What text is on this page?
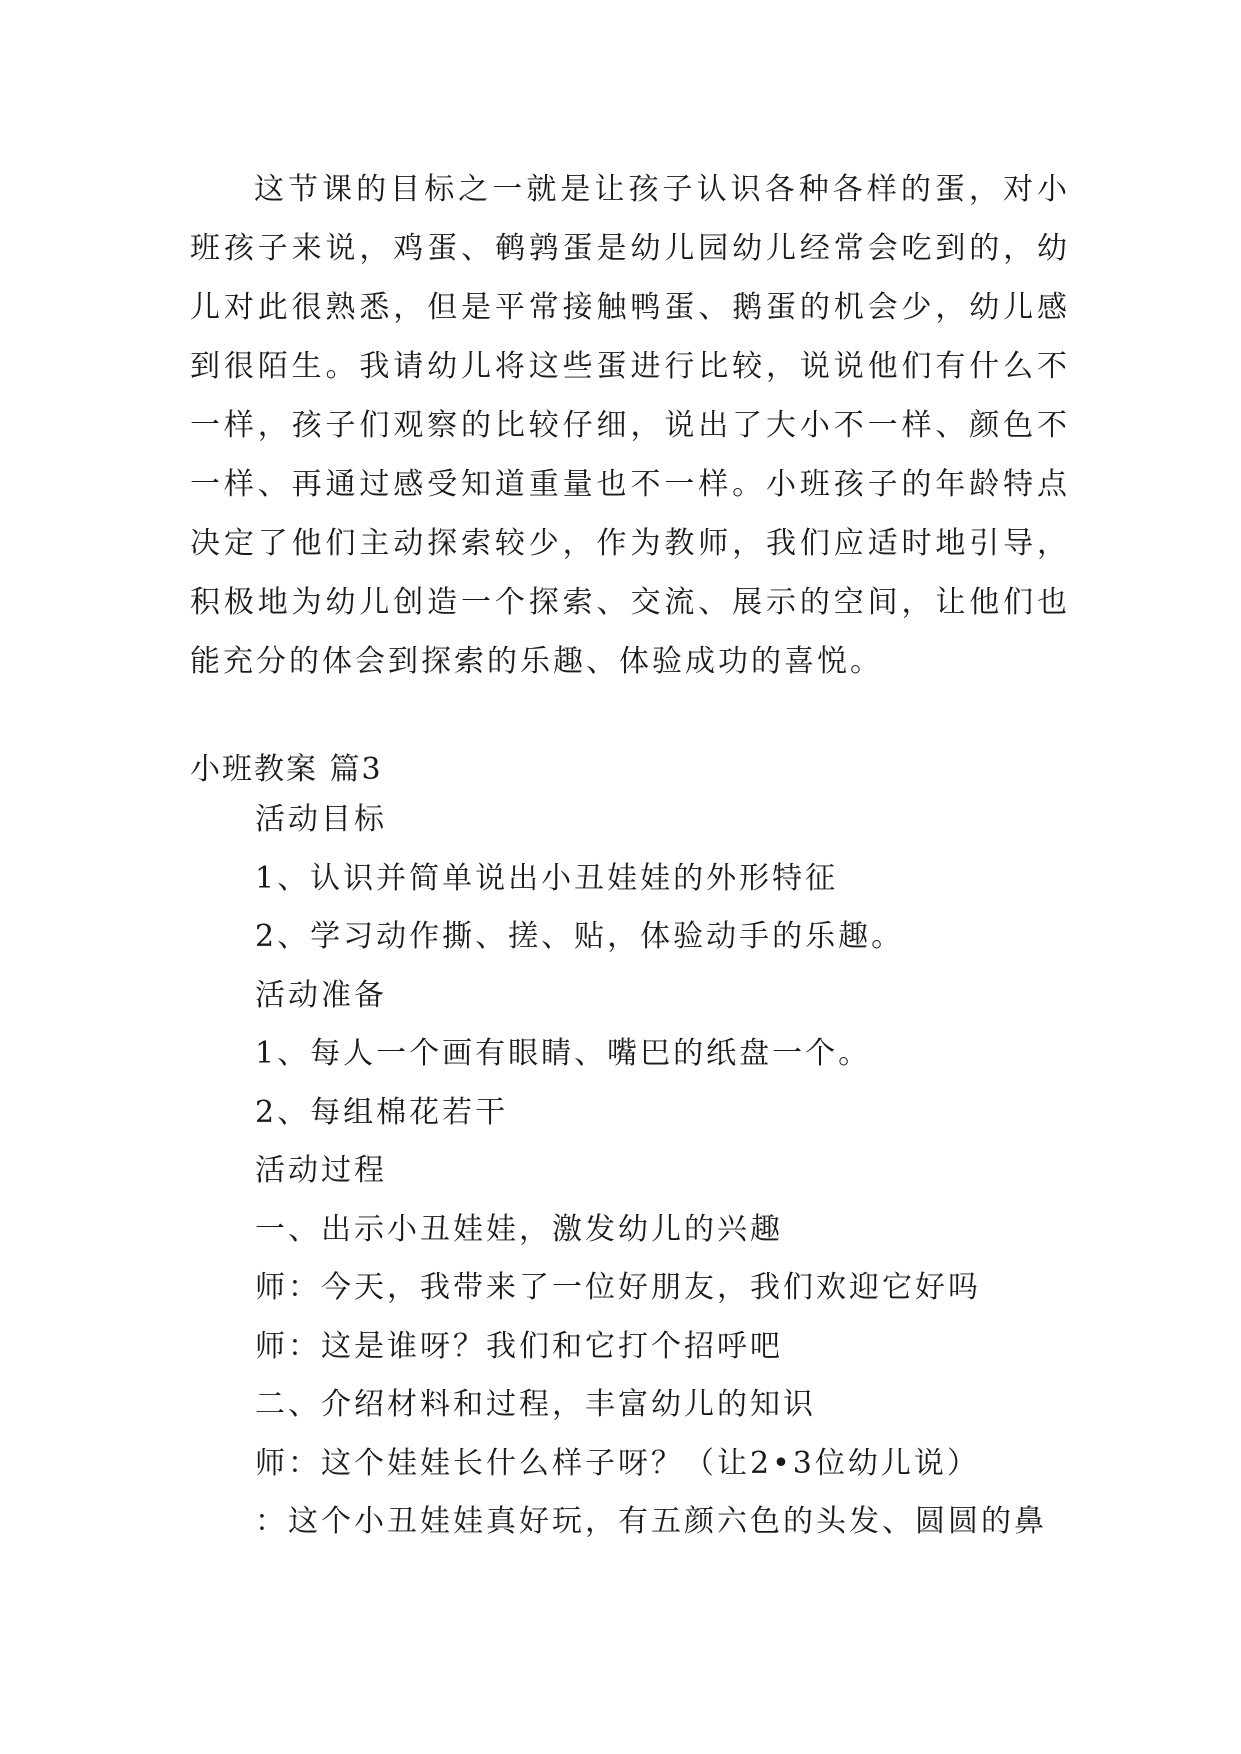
这节课的目标之一就是让孩子认识各种各样的蛋，对小班孩子来说，鸡蛋、鹌鹑蛋是幼儿园幼儿经常会吃到的，幼儿对此很熟悉，但是平常接触鸭蛋、鹅蛋的机会少，幼儿感到很陌生。我请幼儿将这些蛋进行比较，说说他们有什么不一样，孩子们观察的比较仔细，说出了大小不一样、颜色不一样、再通过感受知道重量也不一样。小班孩子的年龄特点决定了他们主动探索较少，作为教师，我们应适时地引导，积极地为幼儿创造一个探索、交流、展示的空间，让他们也能充分的体会到探索的乐趣、体验成功的喜悦。

小班教案 篇3
活动目标
1、认识并简单说出小丑娃娃的外形特征
2、学习动作撕、搓、贴，体验动手的乐趣。
活动准备
1、每人一个画有眼睛、嘴巴的纸盘一个。
2、每组棉花若干
活动过程
一、出示小丑娃娃，激发幼儿的兴趣
师：今天，我带来了一位好朋友，我们欢迎它好吗
师：这是谁呀？我们和它打个招呼吧
二、介绍材料和过程，丰富幼儿的知识
师：这个娃娃长什么样子呀？（让2•3位幼儿说）
：这个小丑娃娃真好玩，有五颜六色的头发、圆圆的鼻
